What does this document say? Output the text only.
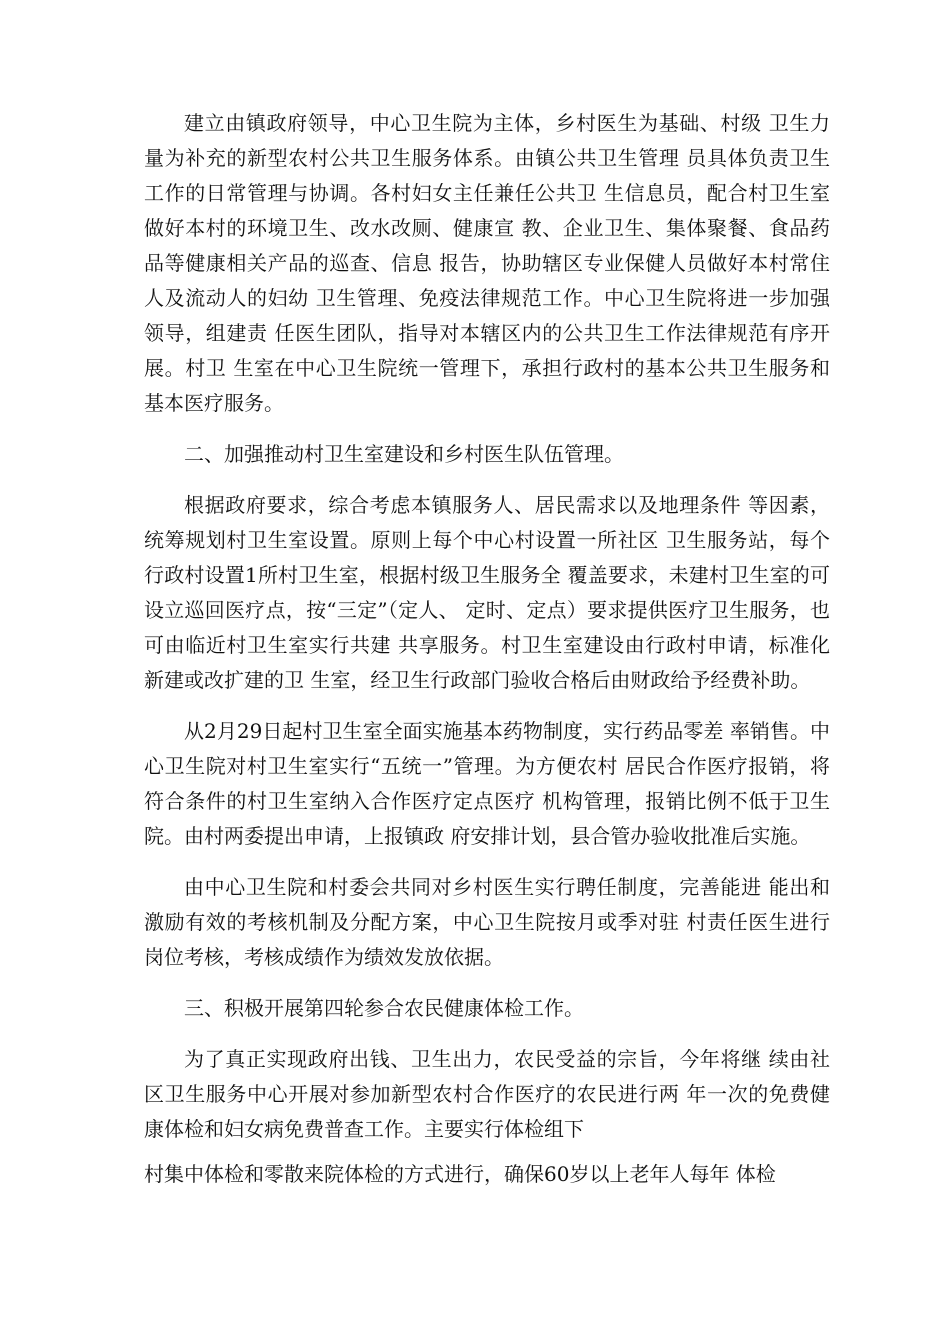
建立由镇政府领导，中心卫生院为主体，乡村医生为基础、村级 卫生力量为补充的新型农村公共卫生服务体系。由镇公共卫生管理 员具体负责卫生工作的日常管理与协调。各村妇女主任兼任公共卫 生信息员，配合村卫生室做好本村的环境卫生、改水改厕、健康宣 教、企业卫生、集体聚餐、食品药品等健康相关产品的巡查、信息 报告，协助辖区专业保健人员做好本村常住人及流动人的妇幼 卫生管理、免疫法律规范工作。中心卫生院将进一步加强领导，组建责 任医生团队，指导对本辖区内的公共卫生工作法律规范有序开展。村卫 生室在中心卫生院统一管理下，承担行政村的基本公共卫生服务和 基本医疗服务。

二、加强推动村卫生室建设和乡村医生队伍管理。

根据政府要求，综合考虑本镇服务人、居民需求以及地理条件 等因素，统筹规划村卫生室设置。原则上每个中心村设置一所社区 卫生服务站，每个行政村设置1所村卫生室，根据村级卫生服务全 覆盖要求，未建村卫生室的可设立巡回医疗点，按“三定”（定人、 定时、定点）要求提供医疗卫生服务，也可由临近村卫生室实行共建 共享服务。村卫生室建设由行政村申请，标准化新建或改扩建的卫 生室，经卫生行政部门验收合格后由财政给予经费补助。

从2月29日起村卫生室全面实施基本药物制度，实行药品零差 率销售。中心卫生院对村卫生室实行“五统一”管理。为方便农村 居民合作医疗报销，将符合条件的村卫生室纳入合作医疗定点医疗 机构管理，报销比例不低于卫生院。由村两委提出申请，上报镇政 府安排计划，县合管办验收批准后实施。

由中心卫生院和村委会共同对乡村医生实行聘任制度，完善能进 能出和激励有效的考核机制及分配方案，中心卫生院按月或季对驻 村责任医生进行岗位考核，考核成绩作为绩效发放依据。

三、积极开展第四轮参合农民健康体检工作。

为了真正实现政府出钱、卫生出力，农民受益的宗旨，今年将继 续由社区卫生服务中心开展对参加新型农村合作医疗的农民进行两 年一次的免费健康体检和妇女病免费普查工作。主要实行体检组下

村集中体检和零散来院体检的方式进行，确保60岁以上老年人每年 体检
